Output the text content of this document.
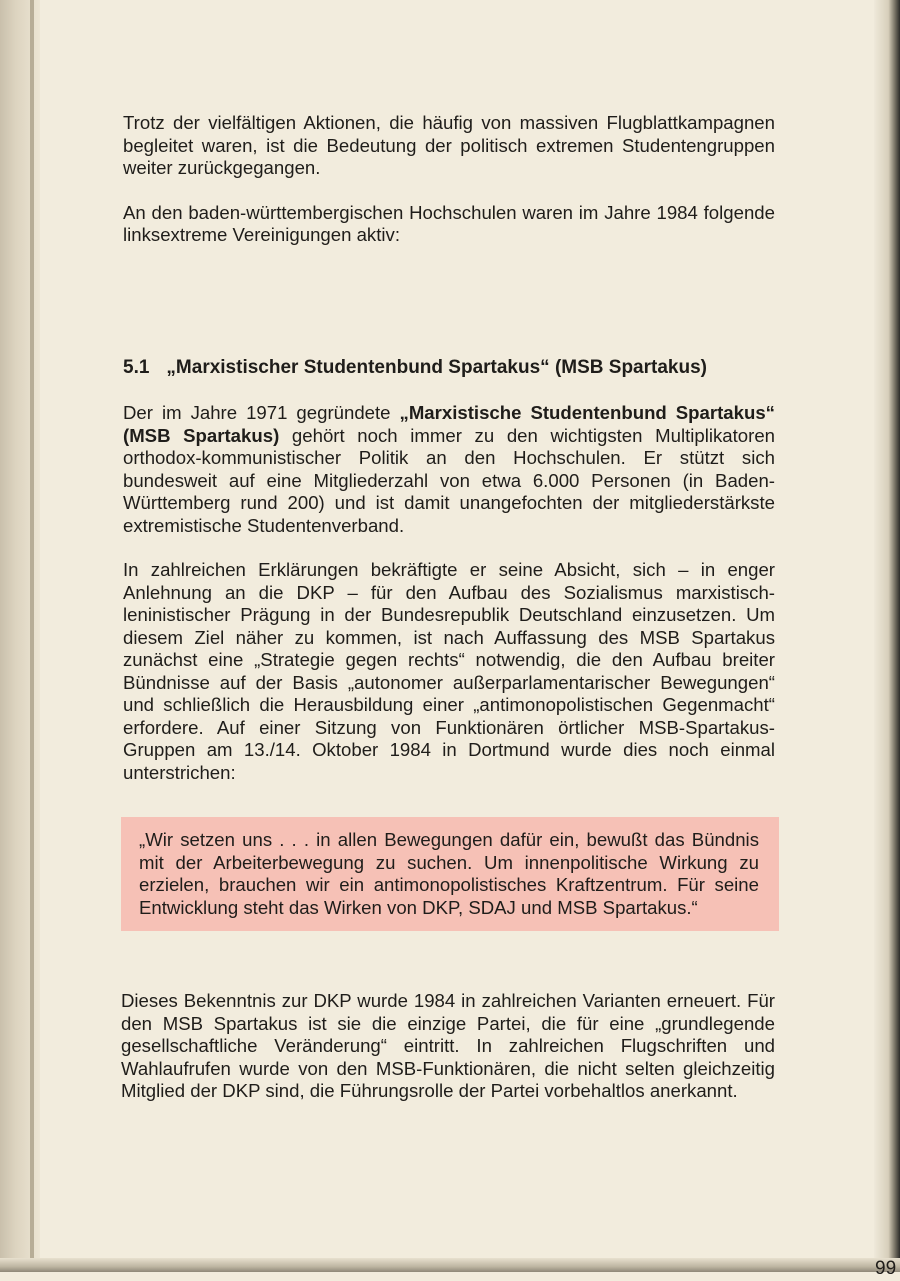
Trotz der vielfältigen Aktionen, die häufig von massiven Flugblattkampagnen begleitet waren, ist die Bedeutung der politisch extremen Studentengruppen weiter zurückgegangen.

An den baden-württembergischen Hochschulen waren im Jahre 1984 folgende linksextreme Vereinigungen aktiv:

5.1 „Marxistischer Studentenbund Spartakus“ (MSB Spartakus)

Der im Jahre 1971 gegründete „Marxistische Studentenbund Spartakus“ (MSB Spartakus) gehört noch immer zu den wichtigsten Multiplikatoren orthodox-kommunistischer Politik an den Hochschulen. Er stützt sich bundesweit auf eine Mitgliederzahl von etwa 6.000 Personen (in Baden-Württemberg rund 200) und ist damit unangefochten der mitgliederstärkste extremistische Studentenverband.

In zahlreichen Erklärungen bekräftigte er seine Absicht, sich – in enger Anlehnung an die DKP – für den Aufbau des Sozialismus marxistisch-leninistischer Prägung in der Bundesrepublik Deutschland einzusetzen. Um diesem Ziel näher zu kommen, ist nach Auffassung des MSB Spartakus zunächst eine „Strategie gegen rechts“ notwendig, die den Aufbau breiter Bündnisse auf der Basis „autonomer außerparlamentarischer Bewegungen“ und schließlich die Herausbildung einer „antimonopolistischen Gegenmacht“ erfordere. Auf einer Sitzung von Funktionären örtlicher MSB-Spartakus-Gruppen am 13./14. Oktober 1984 in Dortmund wurde dies noch einmal unterstrichen:

„Wir setzen uns . . . in allen Bewegungen dafür ein, bewußt das Bündnis mit der Arbeiterbewegung zu suchen. Um innenpolitische Wirkung zu erzielen, brauchen wir ein antimonopolistisches Kraftzentrum. Für seine Entwicklung steht das Wirken von DKP, SDAJ und MSB Spartakus.“

Dieses Bekenntnis zur DKP wurde 1984 in zahlreichen Varianten erneuert. Für den MSB Spartakus ist sie die einzige Partei, die für eine „grundlegende gesellschaftliche Veränderung“ eintritt. In zahlreichen Flugschriften und Wahlaufrufen wurde von den MSB-Funktionären, die nicht selten gleichzeitig Mitglied der DKP sind, die Führungsrolle der Partei vorbehaltlos anerkannt.

99
